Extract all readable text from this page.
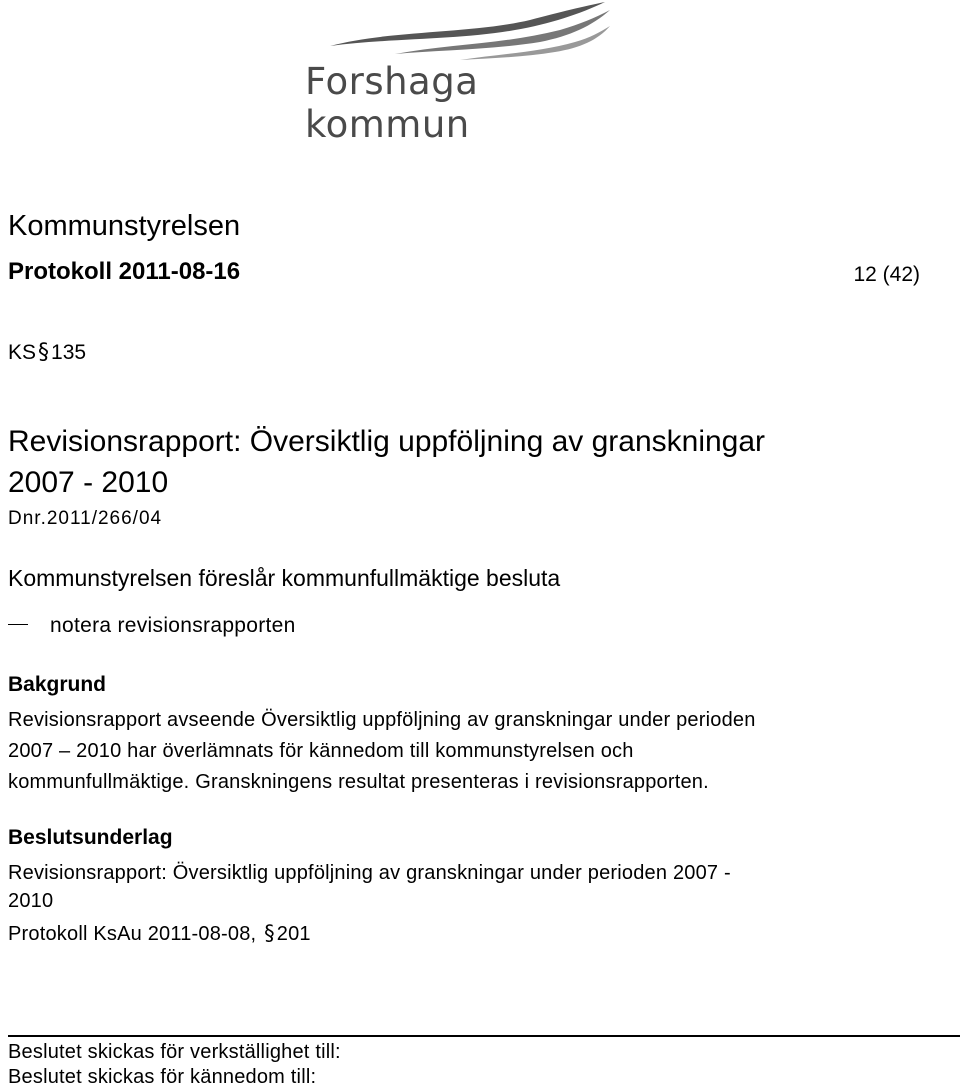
Forshaga kommun
Kommunstyrelsen
Protokoll 2011-08-16	12 (42)
KS§135
Revisionsrapport: Översiktlig uppföljning av granskningar
2007 - 2010
Dnr.2011/266/04
Kommunstyrelsen föreslår kommunfullmäktige besluta
notera revisionsrapporten
Bakgrund
Revisionsrapport avseende Översiktlig uppföljning av granskningar under perioden
2007 – 2010 har överlämnats för kännedom till kommunstyrelsen och
kommunfullmäktige. Granskningens resultat presenteras i revisionsrapporten.
Beslutsunderlag
Revisionsrapport: Översiktlig uppföljning av granskningar under perioden 2007 -
2010
Protokoll KsAu 2011-08-08, § 201
Beslutet skickas för verkställighet till:
Beslutet skickas för kännedom till:
